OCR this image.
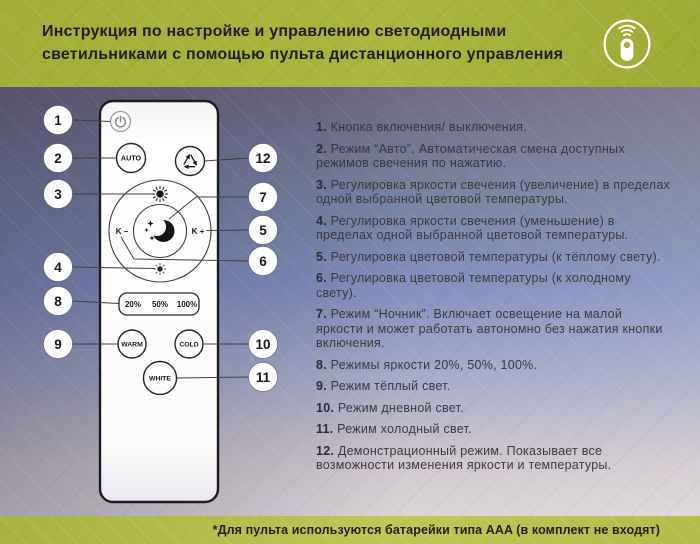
Инструкция по настройке и управлению светодиодными
светильниками с помощью пульта дистанционного управления
AUTO
K –	K +
20% 50% 100%
WARM	COLD
WHITE
1
2
3
4
8
9
12
7
5
6
10
11

1. Кнопка включения/ выключения.

2. Режим “Авто”. Автоматическая смена доступных режимов свечения по нажатию.

3. Регулировка яркости свечения (увеличение) в пределах одной выбранной цветовой температуры.

4. Регулировка яркости свечения (уменьшение) в пределах одной выбранной цветовой температуры.

5. Регулировка цветовой температуры (к тёплому свету).

6. Регулировка цветовой температуры (к холодному свету).

7. Режим “Ночник”. Включает освещение на малой яркости и может работать автономно без нажатия кнопки включения.

8. Режимы яркости 20%, 50%, 100%.

9. Режим тёплый свет.

10. Режим дневной свет.

11. Режим холодный свет.

12. Демонстрационный режим. Показывает все возможности изменения яркости и температуры.

*Для пульта используются батарейки типа AAA (в комплект не входят)
